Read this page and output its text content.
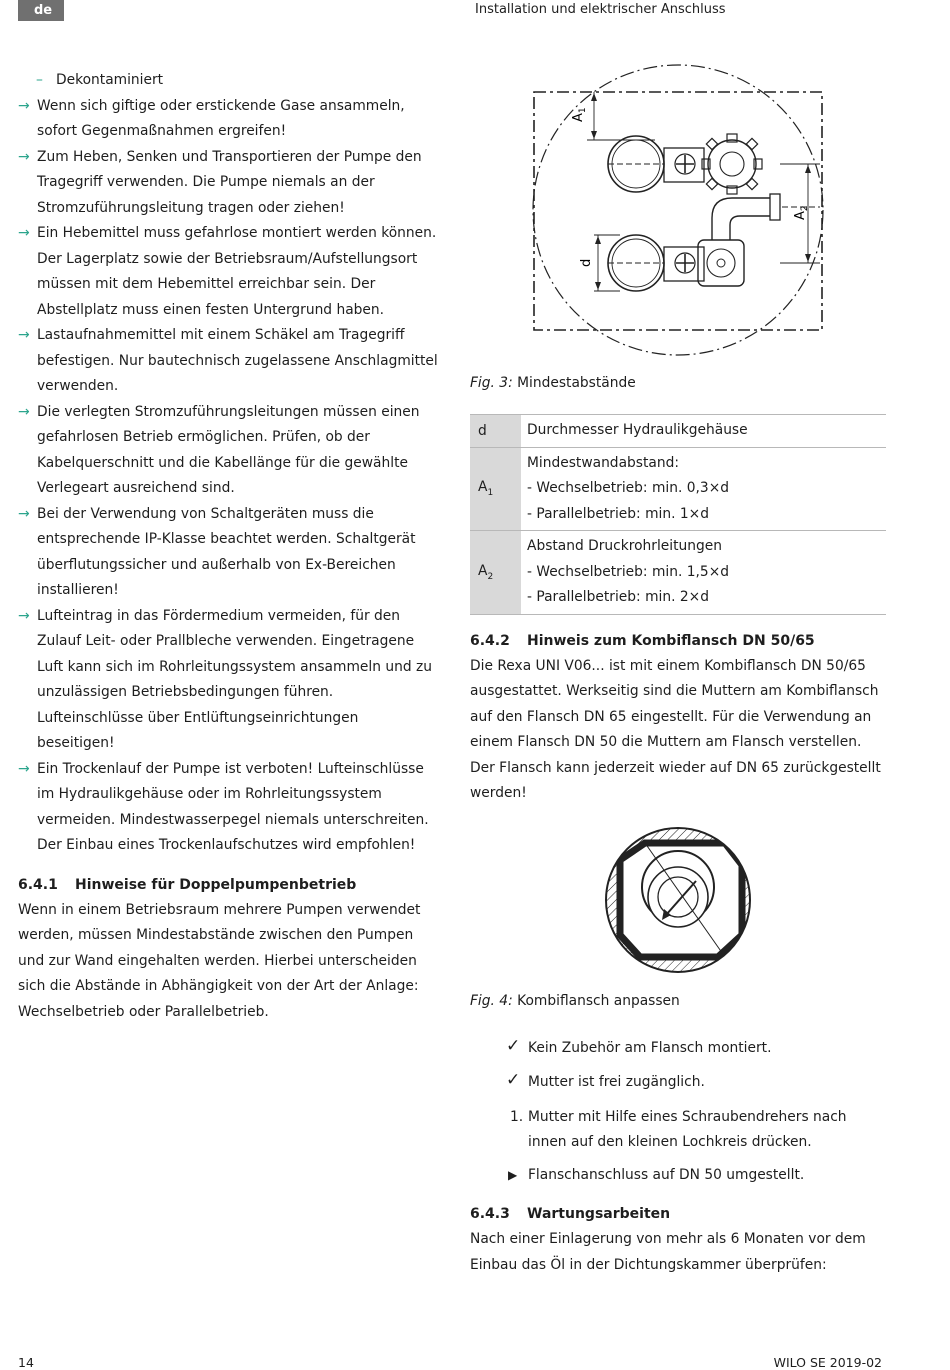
de	Installation und elektrischer Anschluss
– Dekontaminiert
→ Wenn sich giftige oder erstickende Gase ansammeln, sofort Gegenmaßnahmen ergreifen!
→ Zum Heben, Senken und Transportieren der Pumpe den Tragegriff verwenden. Die Pumpe niemals an der Stromzuführungsleitung tragen oder ziehen!
→ Ein Hebemittel muss gefahrlose montiert werden können. Der Lagerplatz sowie der Betriebsraum/Aufstellungsort müssen mit dem Hebemittel erreichbar sein. Der Abstellplatz muss einen festen Untergrund haben.
→ Lastaufnahmemittel mit einem Schäkel am Tragegriff befestigen. Nur bautechnisch zugelassene Anschlagmittel verwenden.
→ Die verlegten Stromzuführungsleitungen müssen einen gefahrlosen Betrieb ermöglichen. Prüfen, ob der Kabelquerschnitt und die Kabellänge für die gewählte Verlegeart ausreichend sind.
→ Bei der Verwendung von Schaltgeräten muss die entsprechende IP-Klasse beachtet werden. Schaltgerät überflutungssicher und außerhalb von Ex-Bereichen installieren!
→ Lufteintrag in das Fördermedium vermeiden, für den Zulauf Leit- oder Prallbleche verwenden. Eingetragene Luft kann sich im Rohrleitungssystem ansammeln und zu unzulässigen Betriebsbedingungen führen. Lufteinschlüsse über Entlüftungseinrichtungen beseitigen!
→ Ein Trockenlauf der Pumpe ist verboten! Lufteinschlüsse im Hydraulikgehäuse oder im Rohrleitungssystem vermeiden. Mindestwasserpegel niemals unterschreiten. Der Einbau eines Trockenlaufschutzes wird empfohlen!
6.4.1 Hinweise für Doppelpumpenbetrieb
Wenn in einem Betriebsraum mehrere Pumpen verwendet werden, müssen Mindestabstände zwischen den Pumpen und zur Wand eingehalten werden. Hierbei unterscheiden sich die Abstände in Abhängigkeit von der Art der Anlage: Wechselbetrieb oder Parallelbetrieb.
$A_1$
$A_2$
d
Fig. 3: Mindestabstände
d	Durchmesser Hydraulikgehäuse
$A_1$	Mindestwandabstand:
- Wechselbetrieb: min. 0,3×d
- Parallelbetrieb: min. 1×d

$A_2$	Abstand Druckrohrleitungen
- Wechselbetrieb: min. 1,5×d
- Parallelbetrieb: min. 2×d
6.4.2 Hinweis zum Kombiflansch DN 50/65
Die Rexa UNI V06... ist mit einem Kombiflansch DN 50/65 ausgestattet. Werkseitig sind die Muttern am Kombiflansch auf den Flansch DN 65 eingestellt. Für die Verwendung an einem Flansch DN 50 die Muttern am Flansch verstellen. Der Flansch kann jederzeit wieder auf DN 65 zurückgestellt werden!
Fig. 4: Kombiflansch anpassen
✓ Kein Zubehör am Flansch montiert.
✓ Mutter ist frei zugänglich.
1. Mutter mit Hilfe eines Schraubendrehers nach innen auf den kleinen Lochkreis drücken.
▶ Flanschanschluss auf DN 50 umgestellt.
6.4.3 Wartungsarbeiten
Nach einer Einlagerung von mehr als 6 Monaten vor dem Einbau das Öl in der Dichtungskammer überprüfen:
14	WILO SE 2019-02
